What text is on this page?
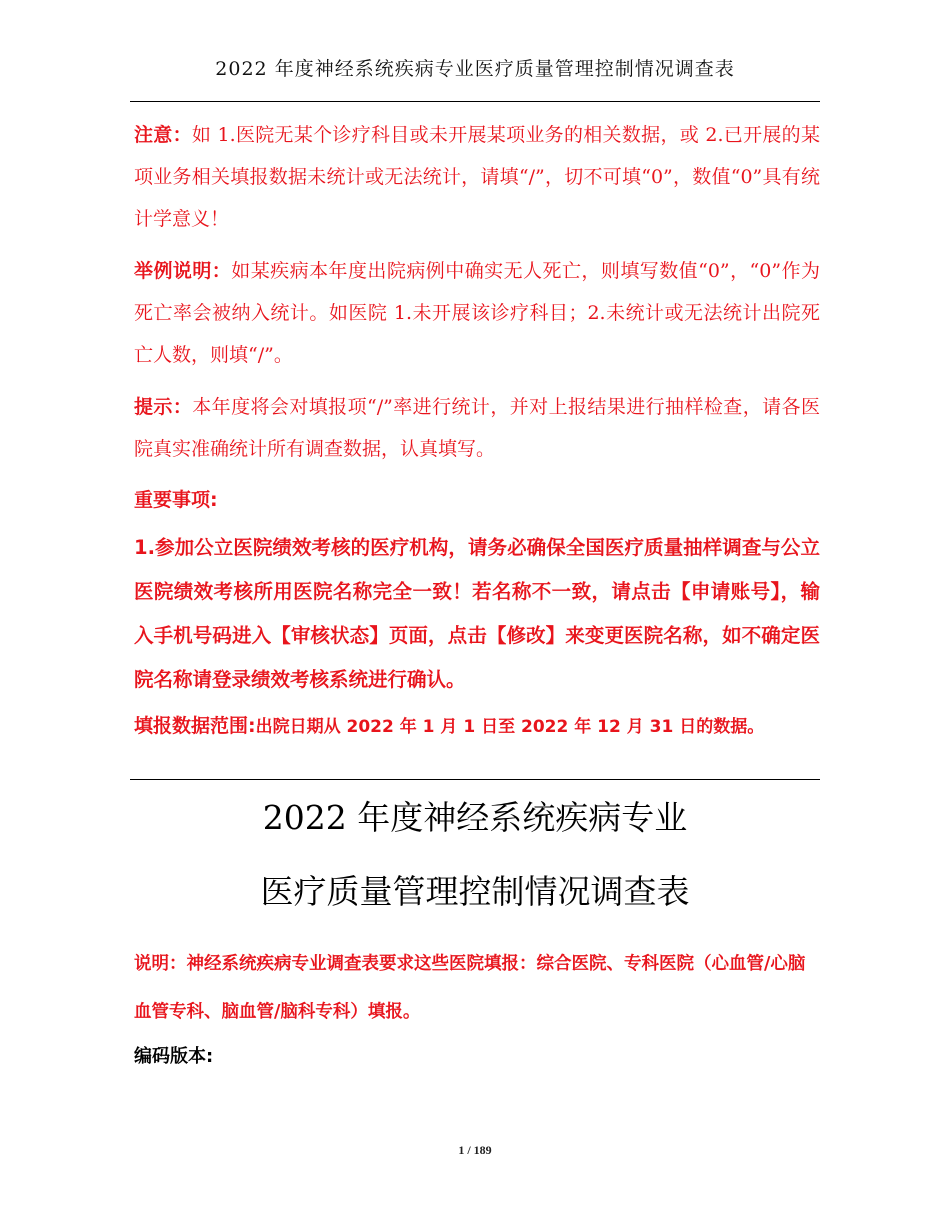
2022 年度神经系统疾病专业医疗质量管理控制情况调查表

注意：如 1.医院无某个诊疗科目或未开展某项业务的相关数据，或 2.已开展的某项业务相关填报数据未统计或无法统计，请填“/”，切不可填“0”，数值“0”具有统计学意义！

举例说明：如某疾病本年度出院病例中确实无人死亡，则填写数值“0”，“0”作为死亡率会被纳入统计。如医院 1.未开展该诊疗科目；2.未统计或无法统计出院死亡人数，则填“/”。

提示：本年度将会对填报项“/”率进行统计，并对上报结果进行抽样检查，请各医院真实准确统计所有调查数据，认真填写。

重要事项:

1.参加公立医院绩效考核的医疗机构，请务必确保全国医疗质量抽样调查与公立医院绩效考核所用医院名称完全一致！若名称不一致，请点击【申请账号】，输入手机号码进入【审核状态】页面，点击【修改】来变更医院名称，如不确定医院名称请登录绩效考核系统进行确认。

填报数据范围:出院日期从 2022 年 1 月 1 日至 2022 年 12 月 31 日的数据。

2022 年度神经系统疾病专业
医疗质量管理控制情况调查表
说明：神经系统疾病专业调查表要求这些医院填报：综合医院、专科医院（心血管/心脑血管专科、脑血管/脑科专科）填报。
编码版本:
1 / 189
